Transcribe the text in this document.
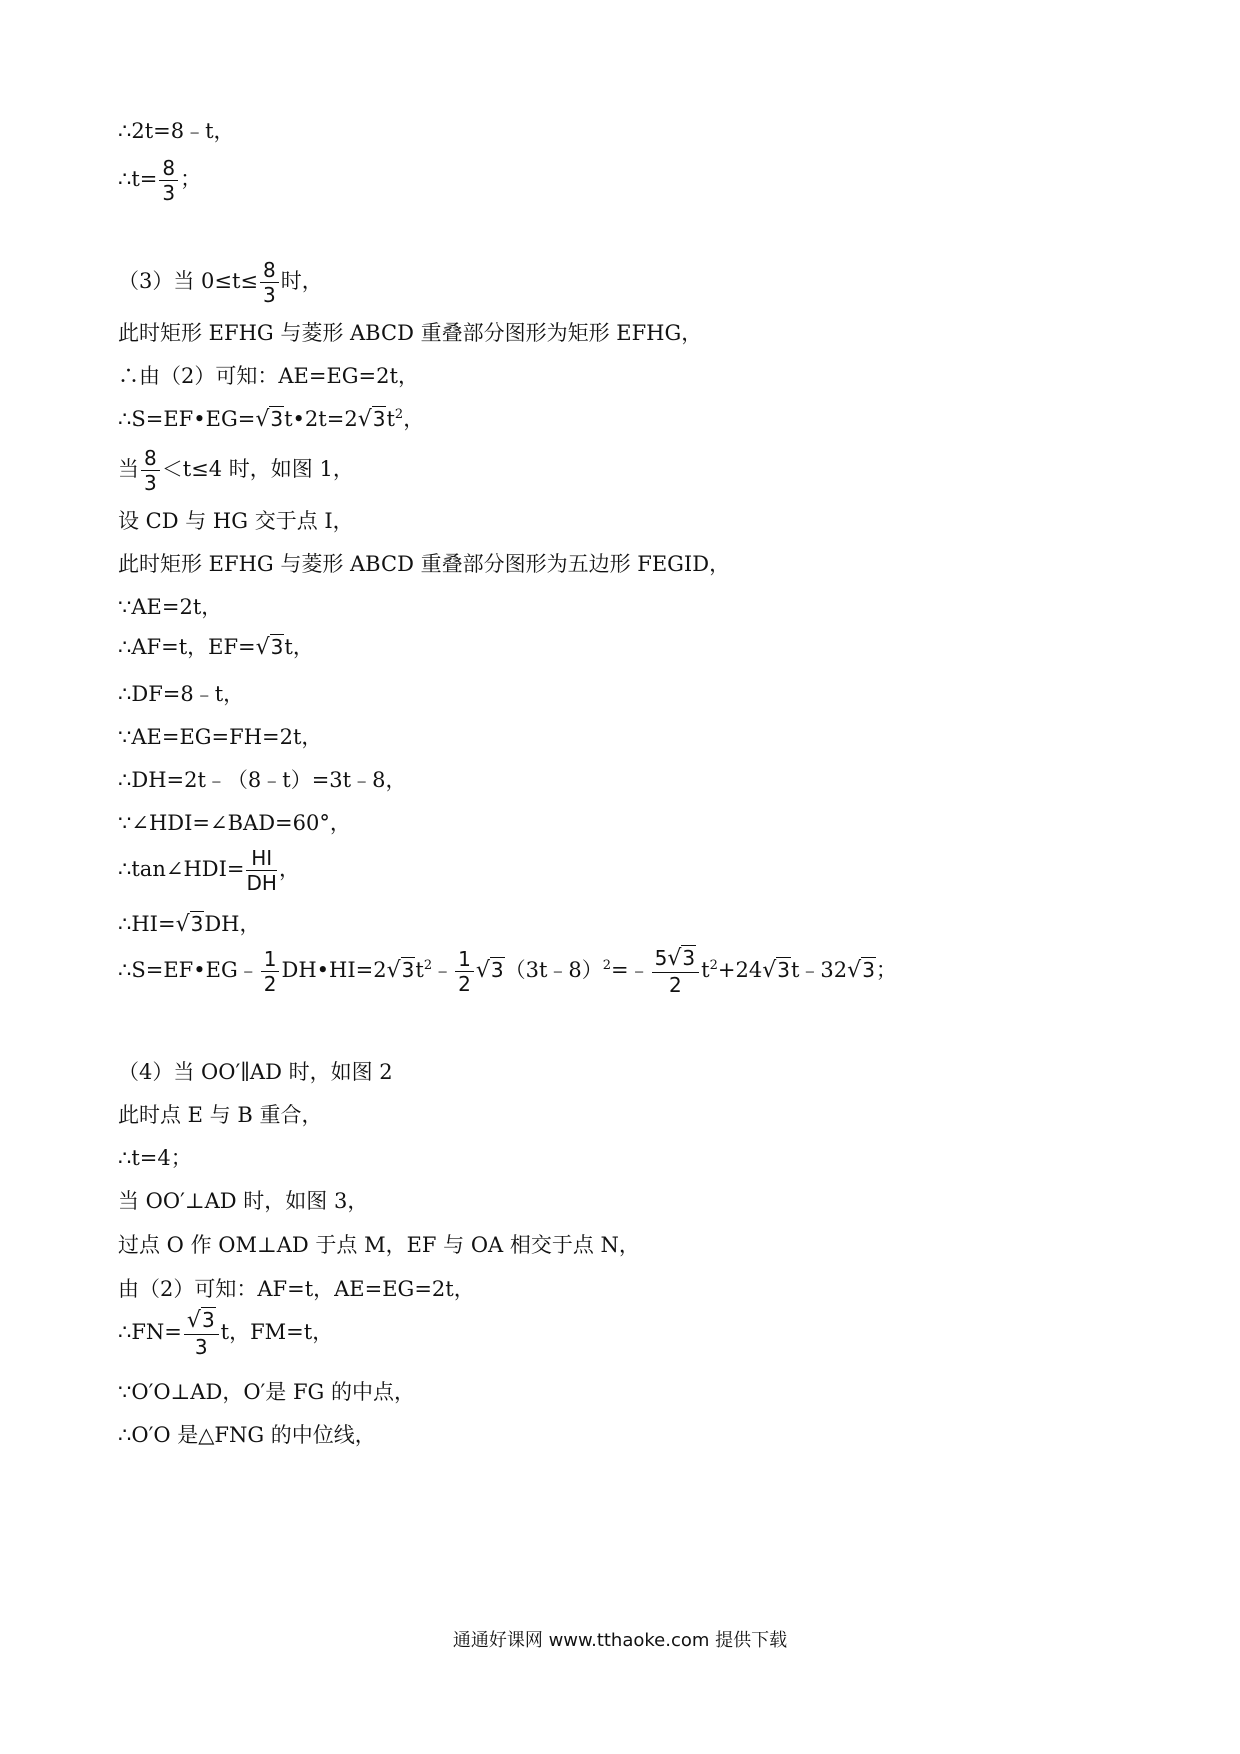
∴2t=8﹣t，
∴t= $\frac{8}{3}$ ；
（3）当 $0\le t\le \frac{8}{3}$ 时，
此时矩形 EFHG 与菱形 ABCD 重叠部分图形为矩形 EFHG，
∴由（2）可知：AE=EG=2t，
$\therefore S=EF•EG=√3t•2t=2√3t^2$，
当 $\frac{8}{3} <t\le 4$ 时，如图 1，
设 CD 与 HG 交于点 I，
此时矩形 EFHG 与菱形 ABCD 重叠部分图形为五边形 FEGID，
∵AE=2t，
∴AF=t，EF=√3t，
∴DF=8﹣t，
∵AE=EG=FH=2t，
∴DH=2t﹣（8﹣t）=3t﹣8，
∵∠HDI=∠BAD=60°，
∴tan∠HDI= $\frac{HI}{DH}$ ，
∴HI=√3DH，
∴S=EF•EG﹣ $\frac{1}{2}$ $DH•HI=2√3t^2﹣ \frac{1}{2}$ √3（3t﹣8）$^2$=﹣ $\frac{5√3}{2}$ $t^2+24√3t﹣32√3$；
（4）当 OO′∥AD 时，如图 2
此时点 E 与 B 重合，
∴t=4；
当 OO′⊥AD 时，如图 3，
过点 O 作 OM⊥AD 于点 M，EF 与 OA 相交于点 N，
由（2）可知：AF=t，AE=EG=2t，
∴FN= $\frac{√3}{3}$ t，FM=t，
∵O′O⊥AD，O′是 FG 的中点，
∴O′O 是△FNG 的中位线，
通通好课网 www.tthaoke.com 提供下载
